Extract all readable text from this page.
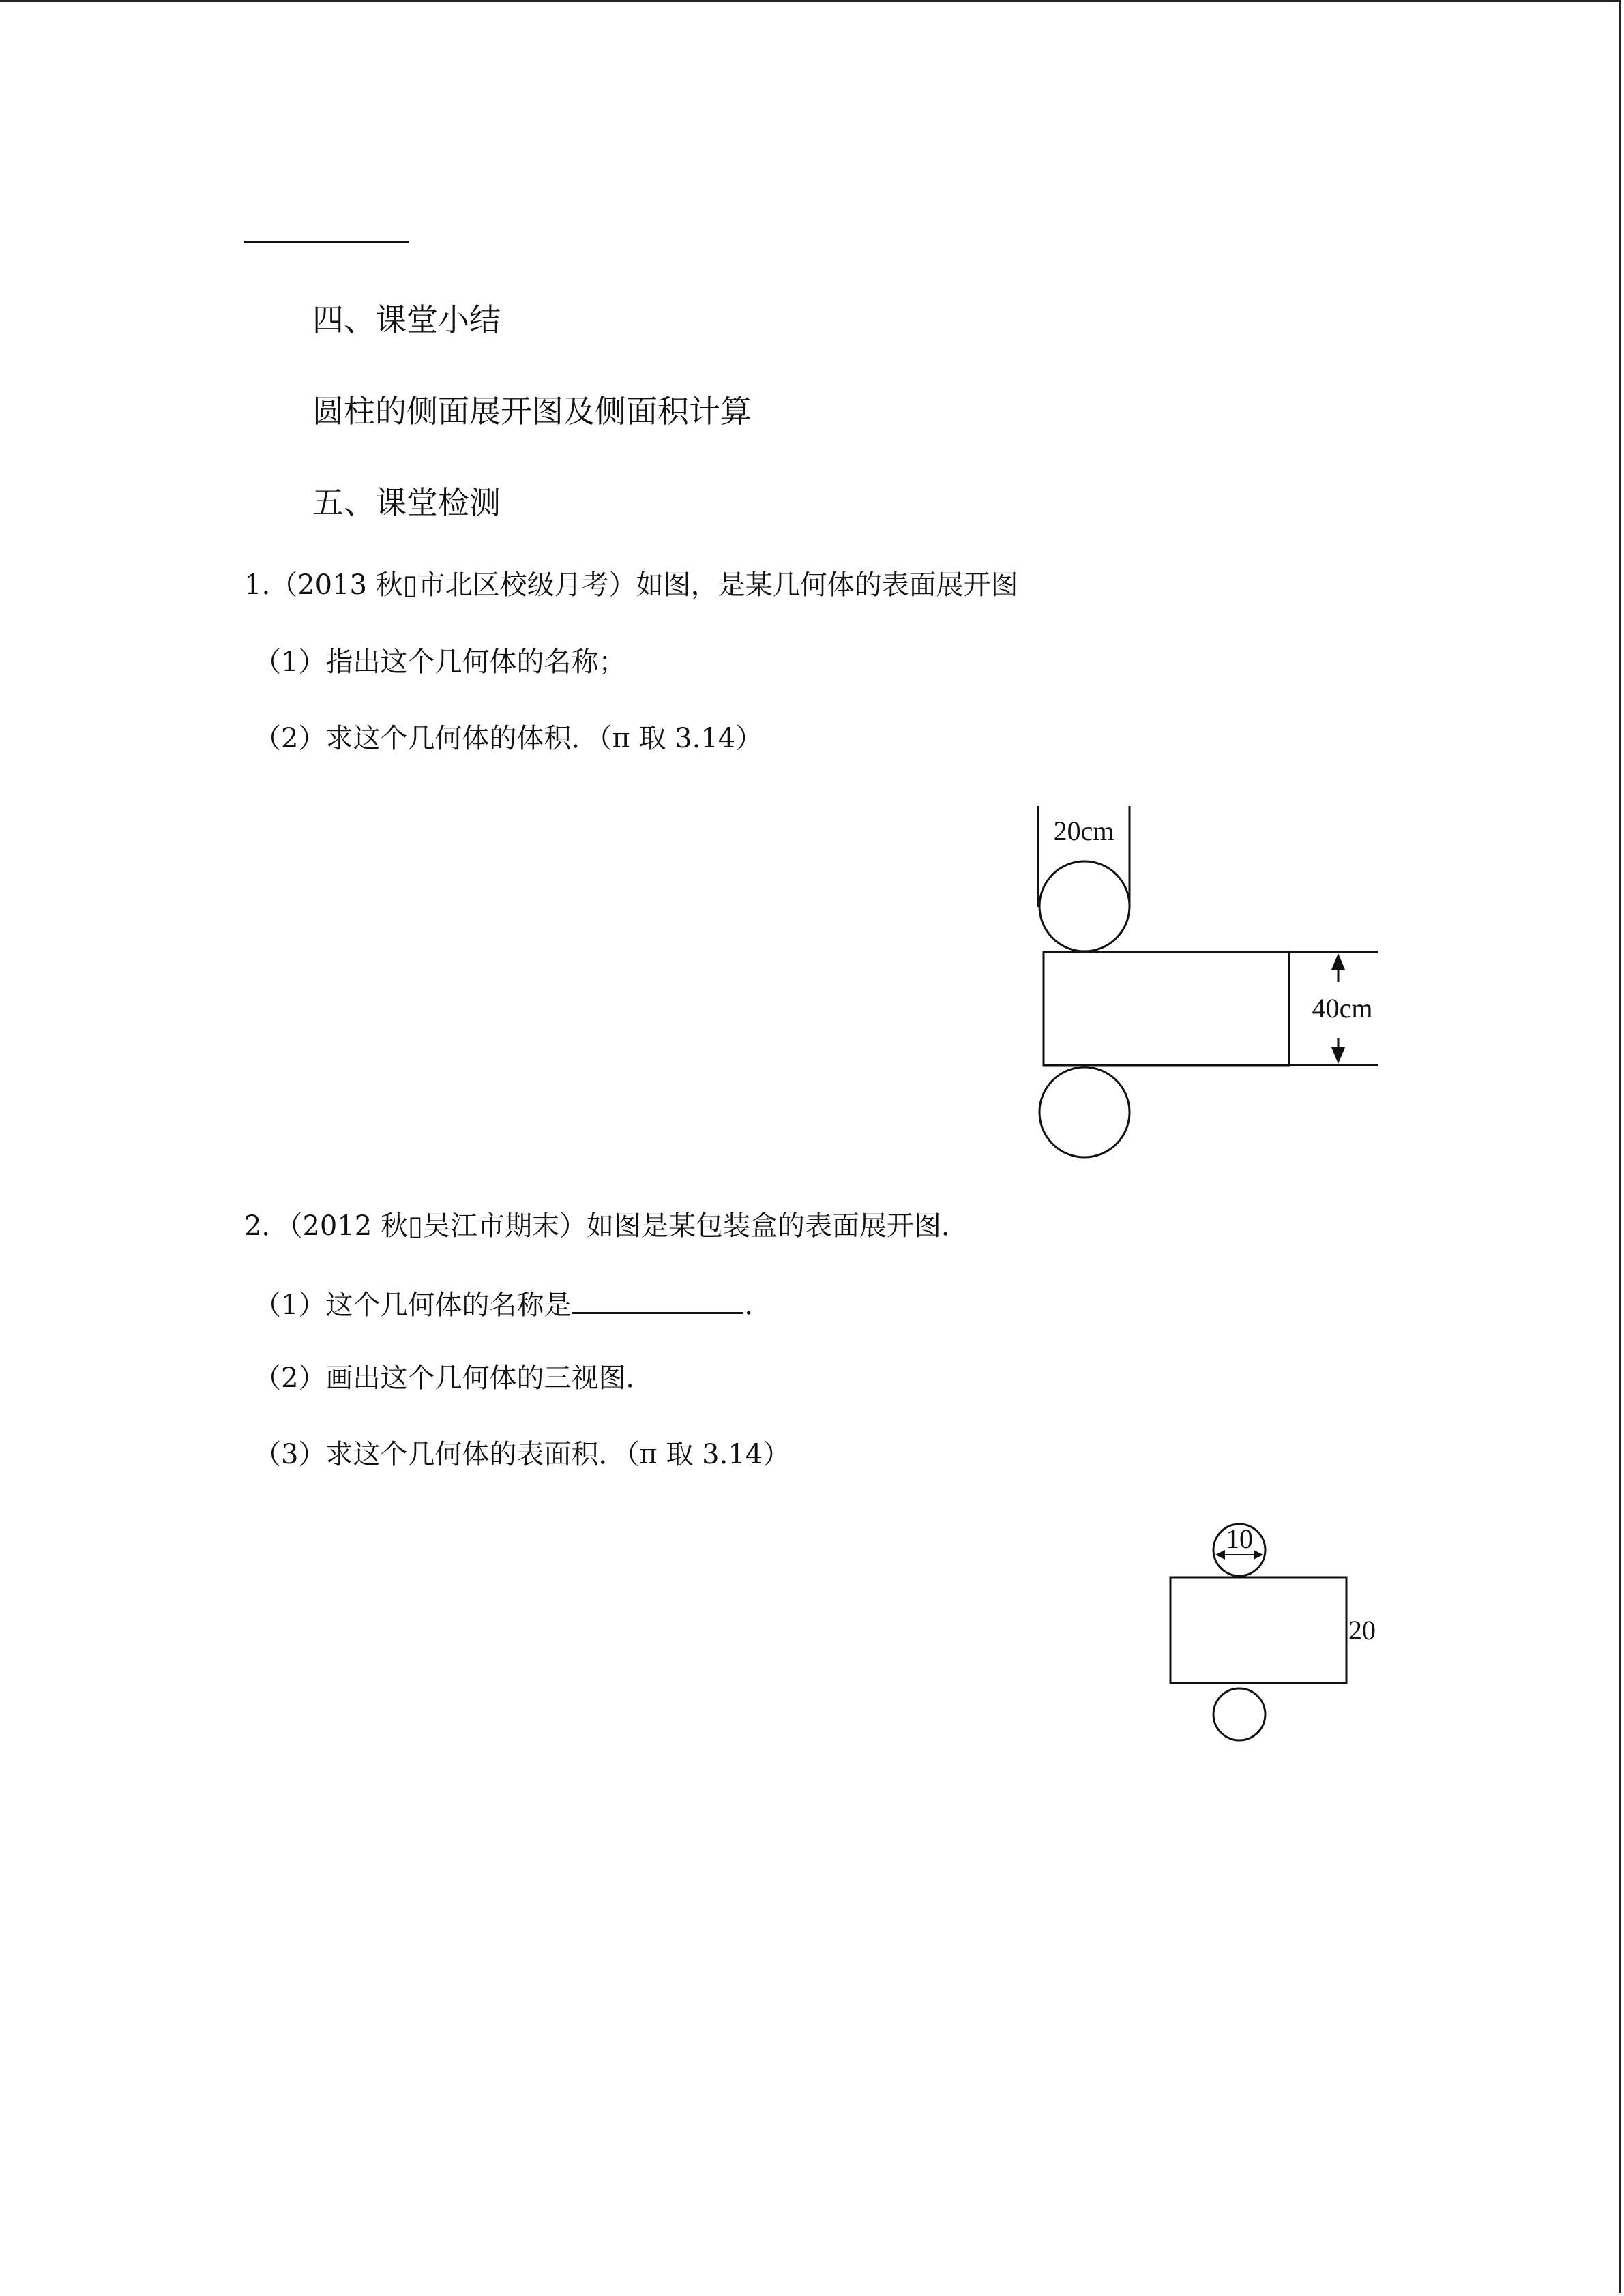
四、课堂小结
圆柱的侧面展开图及侧面积计算
五、课堂检测
1.（2013 秋▯市北区校级月考）如图，是某几何体的表面展开图
（1）指出这个几何体的名称；
（2）求这个几何体的体积．（π 取 3.14）
20cm
40cm
2．（2012 秋▯吴江市期末）如图是某包装盒的表面展开图．
（1）这个几何体的名称是	．
（2）画出这个几何体的三视图．
（3）求这个几何体的表面积．（π 取 3.14）
10
20
